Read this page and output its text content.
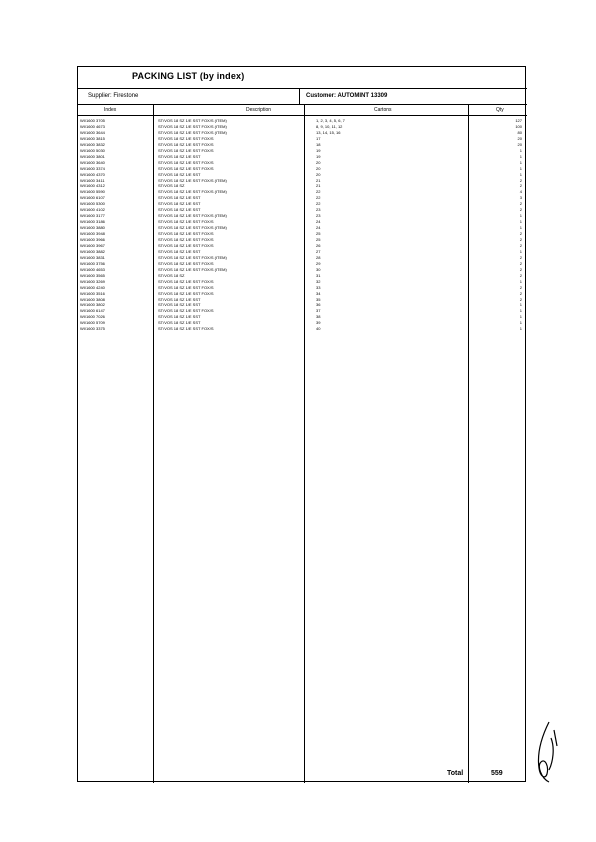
PACKING LIST (by index)
Supplier: Firestone	Customer: AUTOMINT 13309
Index	Description	Cartons	Qty
WI/1600 3705	ST/VOS 18 SZ 1/E SST FOX/S (ITEM)	1, 2, 3, 4, 5, 6, 7	127
WI/1600 4673	ST/VOS 18 SZ 1/E SST FOX/S (ITEM)	8, 9, 10, 11, 12	100
WI/1600 3644	ST/VOS 18 SZ 1/E SST FOX/S (ITEM)	13, 14, 15, 16	80
WI/1600 3815	ST/VOS 18 SZ 1/E SST FOX/S	17	20
WI/1600 3832	ST/VOS 18 SZ 1/E SST FOX/S	18	20
WI/1600 5030	ST/VOS 18 SZ 1/E SST FOX/S	19	1
WI/1600 3801	ST/VOS 18 SZ 1/E SST	19	1
WI/1600 3640	ST/VOS 18 SZ 1/E SST FOX/S	20	1
WI/1600 3374	ST/VOS 18 SZ 1/E SST FOX/S	20	1
WI/1600 4370	ST/VOS 18 SZ 1/E SST	20	1
WI/1600 3411	ST/VOS 18 SZ 1/E SST FOX/S (ITEM)	21	2
WI/1600 4312	ST/VOS 18 SZ	21	2
WI/1600 5590	ST/VOS 18 SZ 1/E SST FOX/S (ITEM)	22	4
WI/1600 6107	ST/VOS 18 SZ 1/E SST	22	3
WI/1600 5300	ST/VOS 18 SZ 1/E SST	22	2
WI/1600 4102	ST/VOS 18 SZ 1/E SST	23	2
WI/1600 3177	ST/VOS 18 SZ 1/E SST FOX/S (ITEM)	23	1
WI/1600 3186	ST/VOS 18 SZ 1/E SST FOX/S	24	1
WI/1600 3880	ST/VOS 18 SZ 1/E SST FOX/S (ITEM)	24	1
WI/1600 3948	ST/VOS 18 SZ 1/E SST FOX/S	25	2
WI/1600 3966	ST/VOS 18 SZ 1/E SST FOX/S	25	2
WI/1600 3967	ST/VOS 18 SZ 1/E SST FOX/S	26	2
WI/1600 3882	ST/VOS 18 SZ 1/E SST	27	1
WI/1600 3831	ST/VOS 18 SZ 1/E SST FOX/S (ITEM)	28	2
WI/1600 3756	ST/VOS 18 SZ 1/E SST FOX/S	29	2
WI/1600 4653	ST/VOS 18 SZ 1/E SST FOX/S (ITEM)	30	2
WI/1600 3565	ST/VOS 18 SZ	31	2
WI/1600 3269	ST/VOS 18 SZ 1/E SST FOX/S	32	1
WI/1600 4240	ST/VOS 18 SZ 1/E SST FOX/S	33	2
WI/1600 3516	ST/VOS 18 SZ 1/E SST FOX/S	34	2
WI/1600 3808	ST/VOS 18 SZ 1/E SST	35	2
WI/1600 3802	ST/VOS 18 SZ 1/E SST	36	1
WI/1600 6147	ST/VOS 18 SZ 1/E SST FOX/S	37	1
WI/1600 7026	ST/VOS 18 SZ 1/E SST	38	1
WI/1600 5709	ST/VOS 18 SZ 1/E SST	39	1
WI/1600 3375	ST/VOS 18 SZ 1/E SST FOX/S	40	1
Total	559
